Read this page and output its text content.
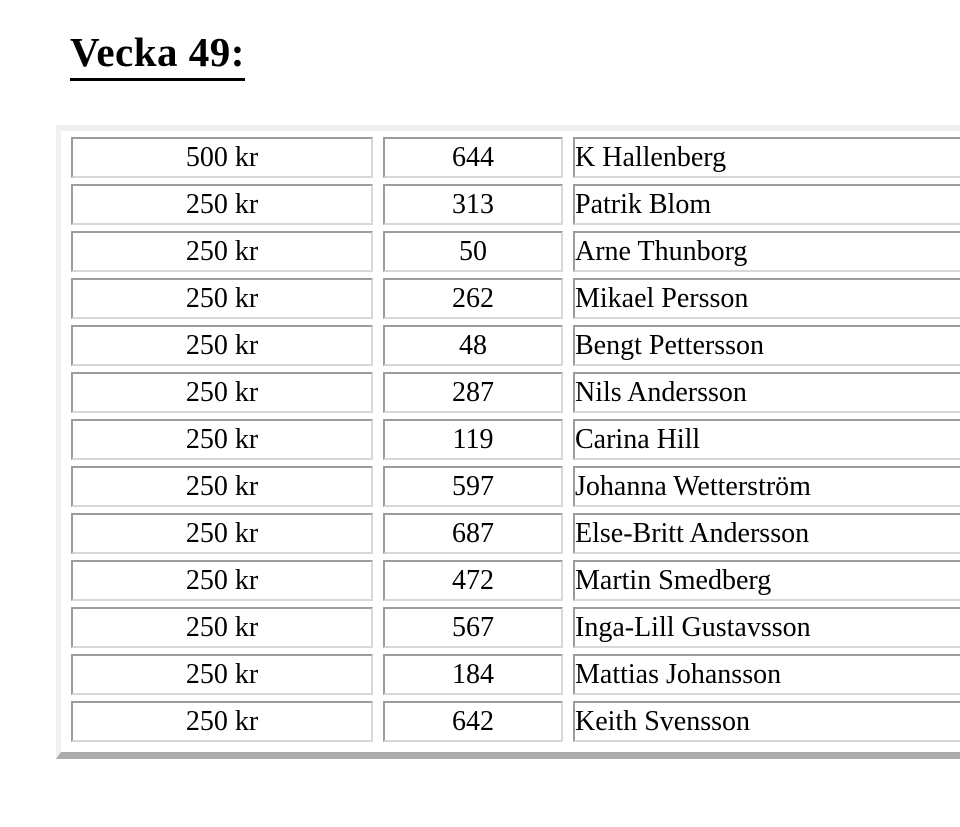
Vecka 49:
500 kr	644	K Hallenberg
250 kr	313	Patrik Blom
250 kr	50	Arne Thunborg
250 kr	262	Mikael Persson
250 kr	48	Bengt Pettersson
250 kr	287	Nils Andersson
250 kr	119	Carina Hill
250 kr	597	Johanna Wetterström
250 kr	687	Else-Britt Andersson
250 kr	472	Martin Smedberg
250 kr	567	Inga-Lill Gustavsson
250 kr	184	Mattias Johansson
250 kr	642	Keith Svensson
